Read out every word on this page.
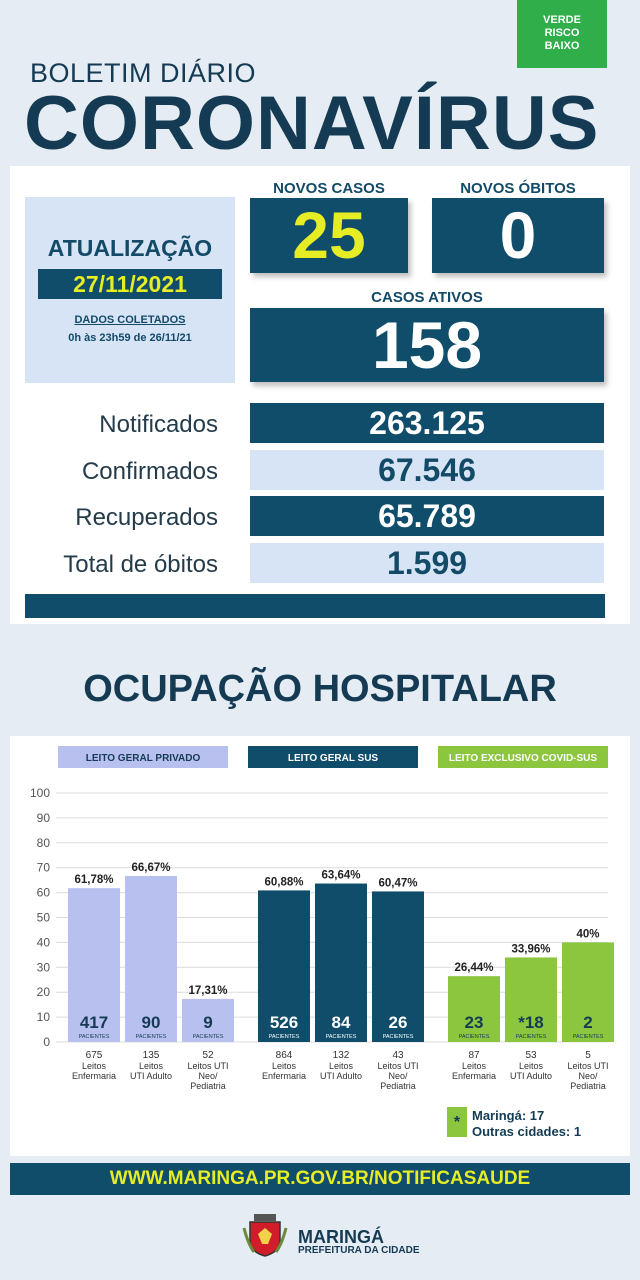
VERDE
RISCO
BAIXO
BOLETIM DIÁRIO
CORONAVÍRUS
ATUALIZAÇÃO
27/11/2021
DADOS COLETADOS
0h às 23h59 de 26/11/21
NOVOS CASOS
25
NOVOS ÓBITOS
0
CASOS ATIVOS
158
Notificados	263.125
Confirmados	67.546
Recuperados	65.789
Total de óbitos	1.599
OCUPAÇÃO HOSPITALAR
0
10
20
30
40
50
60
70
80
90
100
LEITO GERAL PRIVADO
61,78%
417
PACIENTES
675
Leitos
Enfermaria
66,67%
90
PACIENTES
135
Leitos
UTI Adulto
17,31%
9
PACIENTES
52
Leitos UTI
Neo/
Pediatria
LEITO GERAL SUS
60,88%
526
PACIENTES
864
Leitos
Enfermaria
63,64%
84
PACIENTES
132
Leitos
UTI Adulto
60,47%
26
PACIENTES
43
Leitos UTI
Neo/
Pediatria
LEITO EXCLUSIVO COVID-SUS
26,44%
23
PACIENTES
87
Leitos
Enfermaria
33,96%
*18
PACIENTES
53
Leitos
UTI Adulto
40%
2
PACIENTES
5
Leitos UTI
Neo/
Pediatria
* Maringá: 17
Outras cidades: 1
WWW.MARINGA.PR.GOV.BR/NOTIFICASAUDE
MARINGÁ
PREFEITURA DA CIDADE
